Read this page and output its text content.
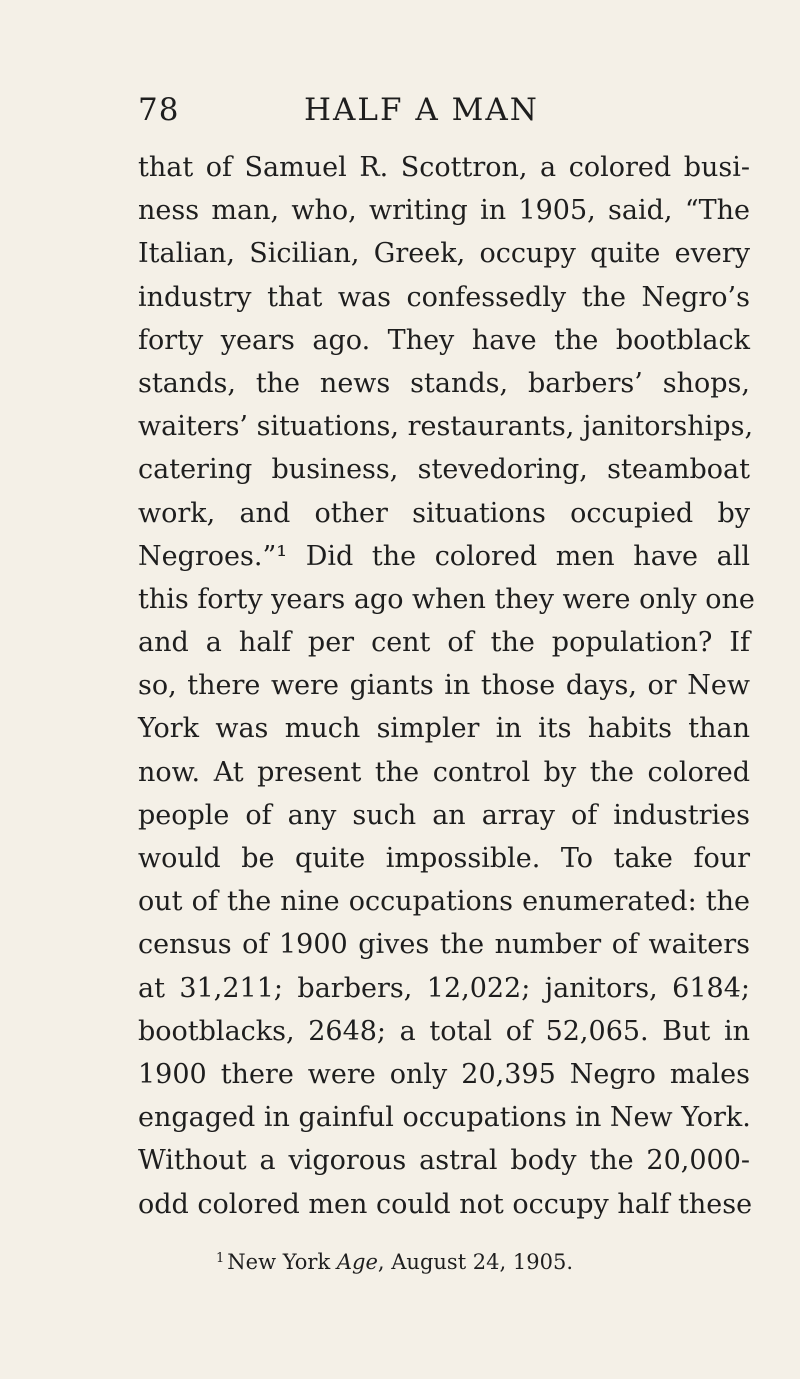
78	HALF A MAN
that of Samuel R. Scottron, a colored busi-
ness man, who, writing in 1905, said, “The
Italian, Sicilian, Greek, occupy quite every
industry that was confessedly the Negro’s
forty years ago. They have the bootblack
stands, the news stands, barbers’ shops,
waiters’ situations, restaurants, janitorships,
catering business, stevedoring, steamboat
work, and other situations occupied by
Negroes.”¹ Did the colored men have all
this forty years ago when they were only one
and a half per cent of the population? If
so, there were giants in those days, or New
York was much simpler in its habits than
now. At present the control by the colored
people of any such an array of industries
would be quite impossible. To take four
out of the nine occupations enumerated: the
census of 1900 gives the number of waiters
at 31,211; barbers, 12,022; janitors, 6184;
bootblacks, 2648; a total of 52,065. But in
1900 there were only 20,395 Negro males
engaged in gainful occupations in New York.
Without a vigorous astral body the 20,000-
odd colored men could not occupy half these
$^1$ New York Age, August 24, 1905.
